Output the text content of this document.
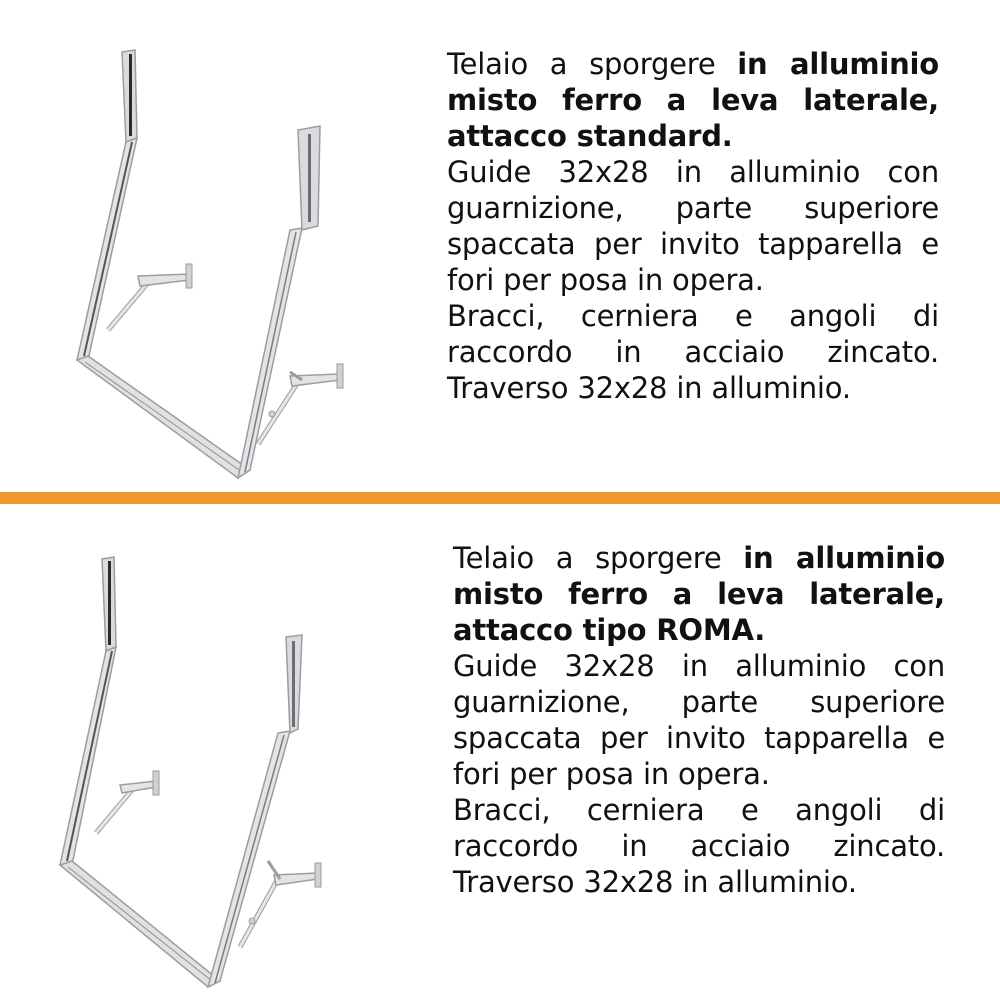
Telaio a sporgere in alluminio misto ferro a leva laterale, attacco standard.

Guide 32x28 in alluminio con guarnizione, parte superiore spaccata per invito tapparella e fori per posa in opera.

Bracci, cerniera e angoli di raccordo in acciaio zincato. Traverso 32x28 in alluminio.

Telaio a sporgere in alluminio misto ferro a leva laterale, attacco tipo ROMA.

Guide 32x28 in alluminio con guarnizione, parte superiore spaccata per invito tapparella e fori per posa in opera.

Bracci, cerniera e angoli di raccordo in acciaio zincato. Traverso 32x28 in alluminio.
